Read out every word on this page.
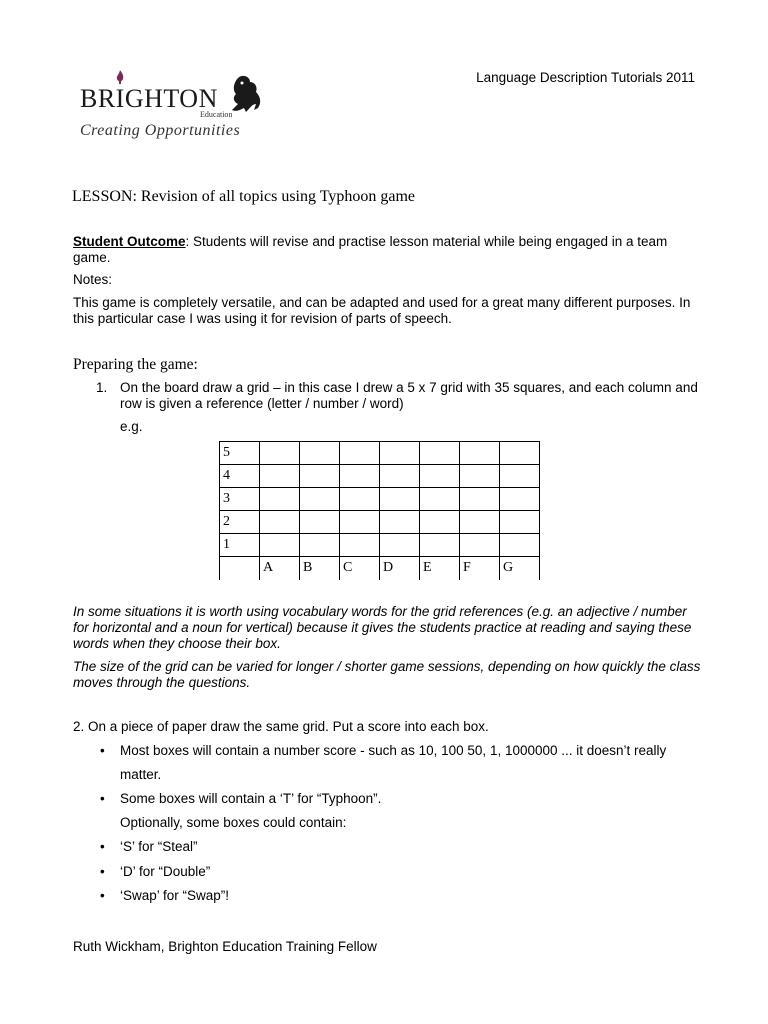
BRIGHTON
Education
Creating Opportunities
Language Description Tutorials 2011
LESSON: Revision of all topics using Typhoon game
Student Outcome: Students will revise and practise lesson material while being engaged in a team game.
Notes:
This game is completely versatile, and can be adapted and used for a great many different purposes. In this particular case I was using it for revision of parts of speech.
Preparing the game:
1. On the board draw a grid – in this case I drew a 5 x 7 grid with 35 squares, and each column and row is given a reference (letter / number / word)
e.g.
5							
4							
3							
2							
1							
	A	B	C	D	E	F	G
In some situations it is worth using vocabulary words for the grid references (e.g. an adjective / number for horizontal and a noun for vertical) because it gives the students practice at reading and saying these words when they choose their box.
The size of the grid can be varied for longer / shorter game sessions, depending on how quickly the class moves through the questions.
2. On a piece of paper draw the same grid. Put a score into each box.
• Most boxes will contain a number score - such as 10, 100 50, 1, 1000000 ... it doesn’t really
matter.
• Some boxes will contain a ‘T’ for “Typhoon”.
Optionally, some boxes could contain:
• ‘S’ for “Steal”
• ‘D’ for “Double”
• ‘Swap’ for “Swap”!
Ruth Wickham, Brighton Education Training Fellow
